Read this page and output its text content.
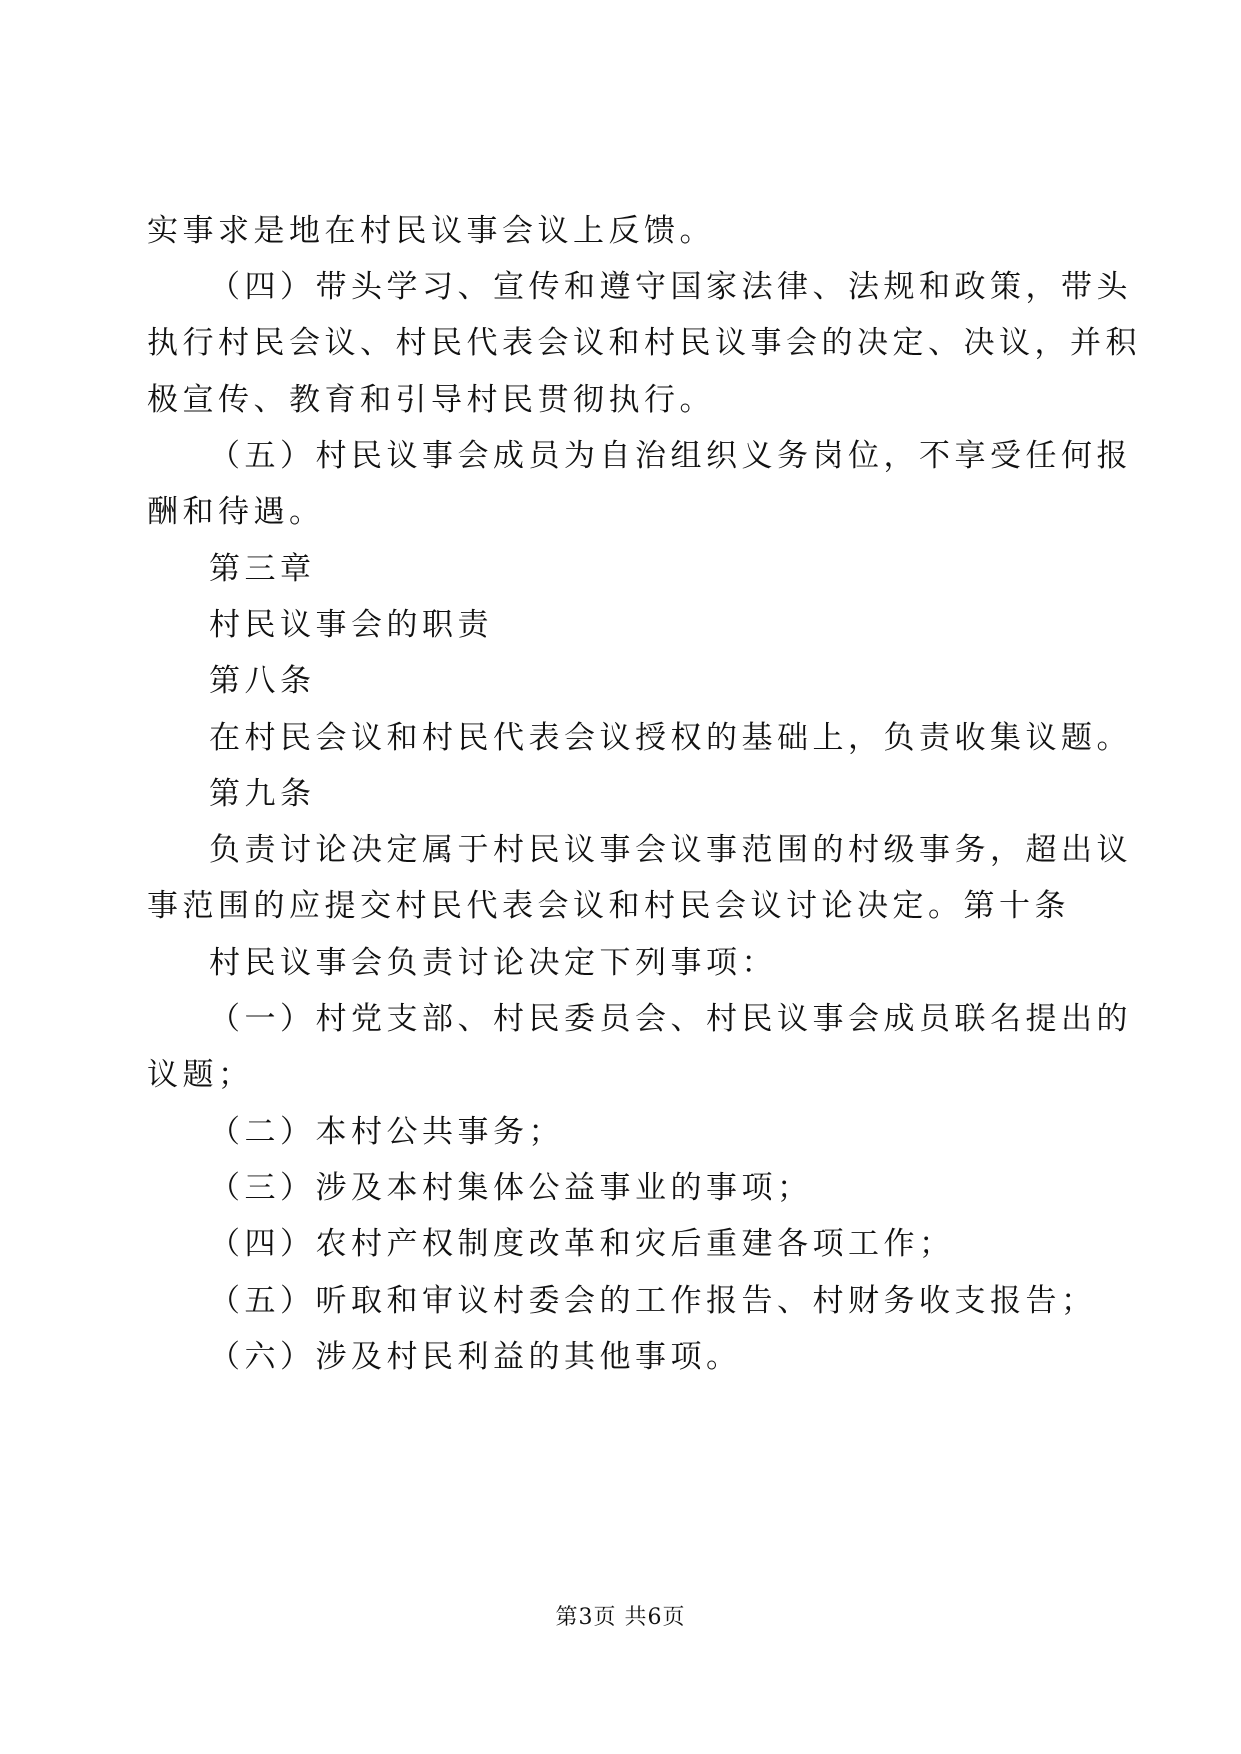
实事求是地在村民议事会议上反馈。
（四）带头学习、宣传和遵守国家法律、法规和政策，带头
执行村民会议、村民代表会议和村民议事会的决定、决议，并积
极宣传、教育和引导村民贯彻执行。
（五）村民议事会成员为自治组织义务岗位，不享受任何报
酬和待遇。
第三章
村民议事会的职责
第八条
在村民会议和村民代表会议授权的基础上，负责收集议题。
第九条
负责讨论决定属于村民议事会议事范围的村级事务，超出议
事范围的应提交村民代表会议和村民会议讨论决定。第十条
村民议事会负责讨论决定下列事项：
（一）村党支部、村民委员会、村民议事会成员联名提出的
议题；
（二）本村公共事务；
（三）涉及本村集体公益事业的事项；
（四）农村产权制度改革和灾后重建各项工作；
（五）听取和审议村委会的工作报告、村财务收支报告；
（六）涉及村民利益的其他事项。
第3页 共6页
